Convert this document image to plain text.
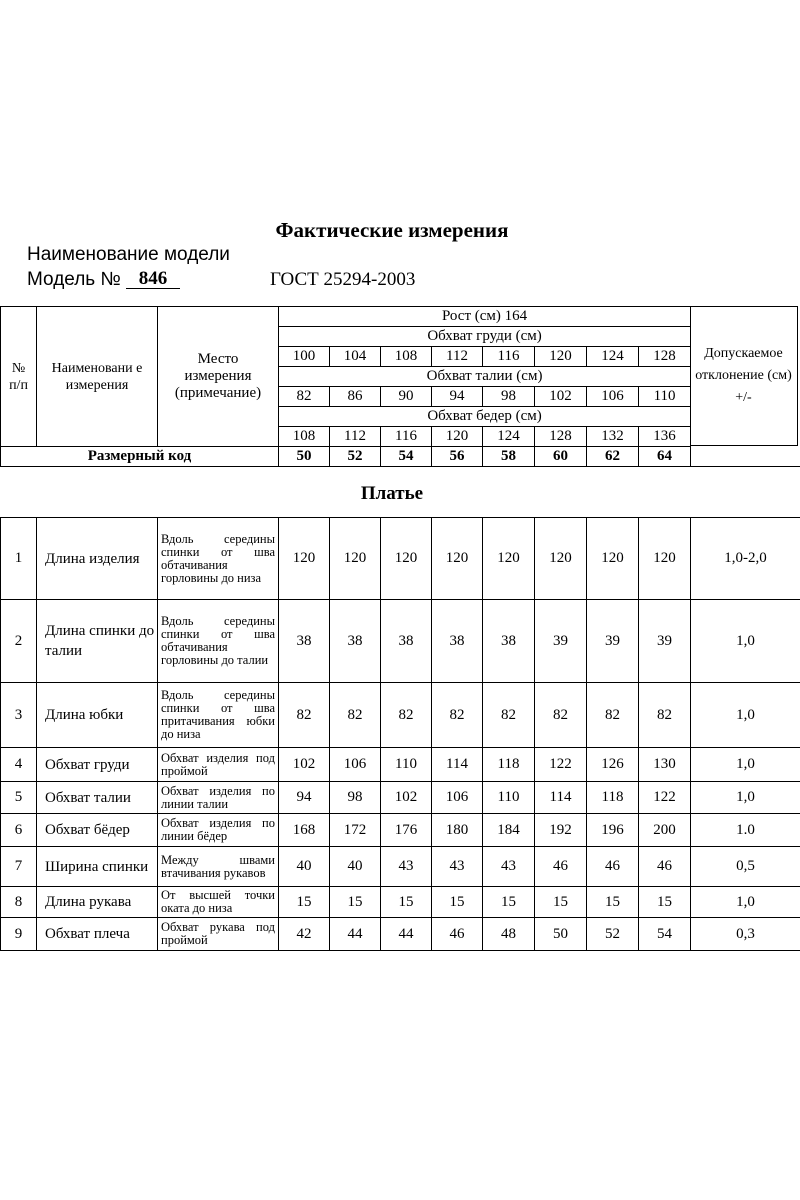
Фактические измерения
Наименование модели
Модель № 846	ГОСТ 25294-2003
№ п/п	Наименовани е измерения	Место измерения (примечание)	Рост (см) 164							
			Обхват груди (см)							
			100	104	108	112	116	120	124	128
			Обхват талии (см)							
			82	86	90	94	98	102	106	110
			Обхват бедер (см)							
			108	112	116	120	124	128	132	136
Размерный код			50	52	54	56	58	60	62	64
Допускаемое отклонение (см) +/-
Платье
1	Длина изделия	Вдоль середины спинки от шва обтачивания горловины до низа	120	120	120	120	120	120	120	120	1,0-2,0
2	Длина спинки до талии	Вдоль середины спинки от шва обтачивания горловины до талии	38	38	38	38	38	39	39	39	1,0
3	Длина юбки	Вдоль середины спинки от шва притачивания юбки до низа	82	82	82	82	82	82	82	82	1,0
4	Обхват груди	Обхват изделия под проймой	102	106	110	114	118	122	126	130	1,0
5	Обхват талии	Обхват изделия по линии талии	94	98	102	106	110	114	118	122	1,0
6	Обхват бёдер	Обхват изделия по линии бёдер	168	172	176	180	184	192	196	200	1.0
7	Ширина спинки	Между швами втачивания рукавов	40	40	43	43	43	46	46	46	0,5
8	Длина рукава	От высшей точки оката до низа	15	15	15	15	15	15	15	15	1,0
9	Обхват плеча	Обхват рукава под проймой	42	44	44	46	48	50	52	54	0,3
